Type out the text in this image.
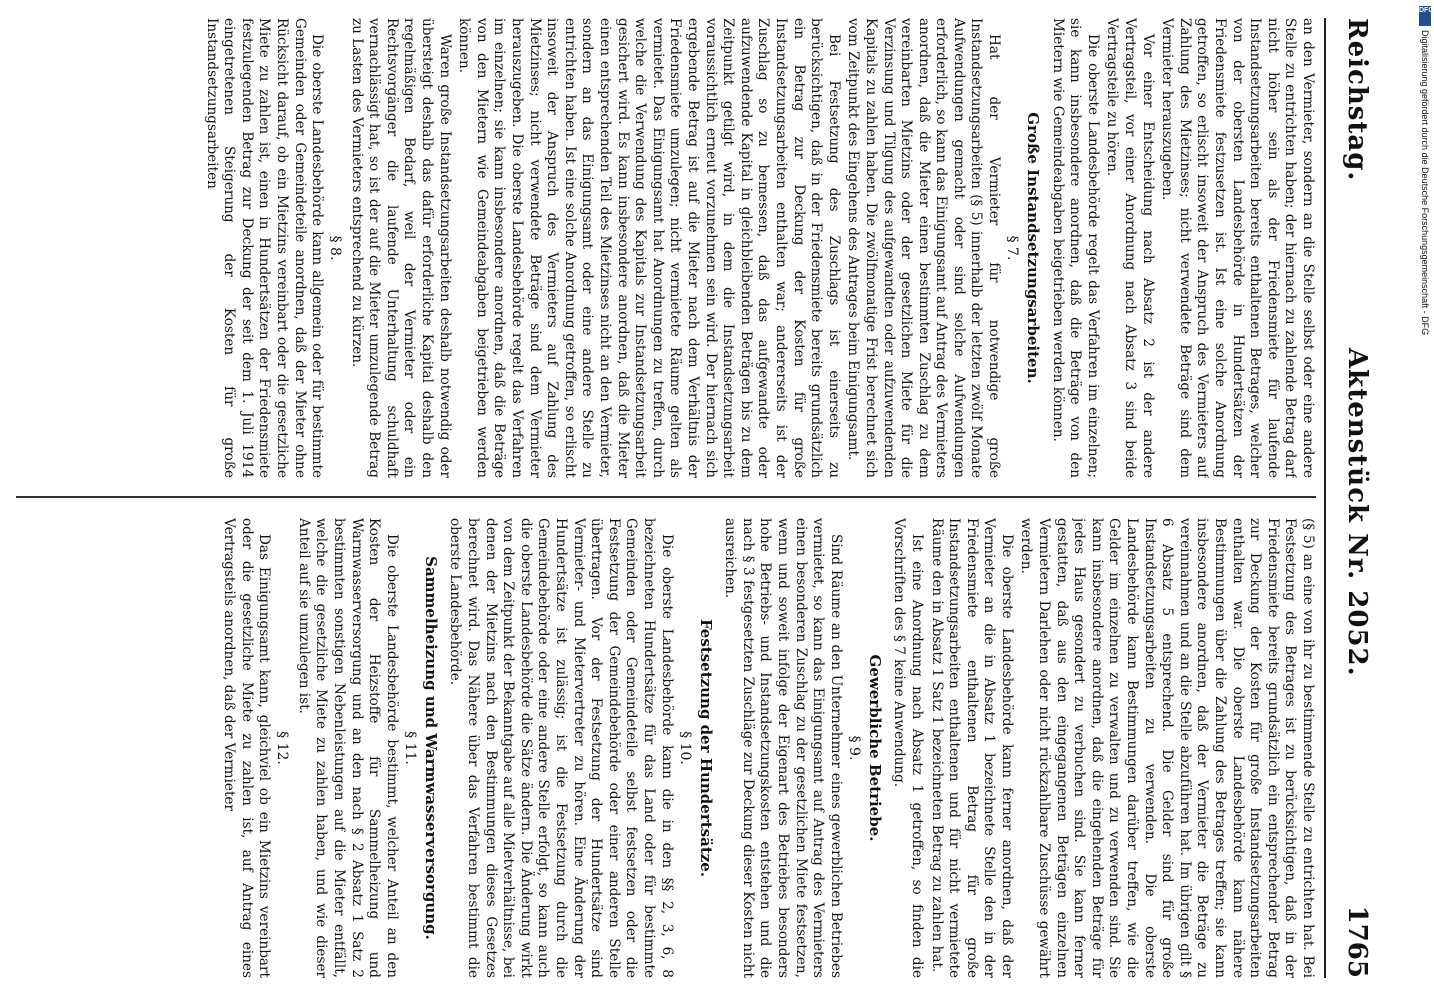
Reichstag.
Aktenstück Nr. 2052.
1765

an den Vermieter, sondern an die Stelle selbst oder eine andere Stelle zu entrichten haben; der hiernach zu zahlende Betrag darf nicht höher sein als der Friedensmiete für laufende Instandsetzungsarbeiten bereits enthaltenen Betrages, welcher von der obersten Landesbehörde in Hundertsätzen der Friedensmiete festzusetzen ist. Ist eine solche Anordnung getroffen, so erlischt insoweit der Anspruch des Vermieters auf Zahlung des Mietzinses; nicht verwendete Beträge sind dem Vermieter herauszugeben.

Vor einer Entscheidung nach Absatz 2 ist der andere Vertragsteil, vor einer Anordnung nach Absatz 3 sind beide Vertragsteile zu hören.

Die oberste Landesbehörde regelt das Verfahren im einzelnen; sie kann insbesondere anordnen, daß die Beträge von den Mietern wie Gemeindeabgaben beigetrieben werden können.

Große Instandsetzungsarbeiten.
§ 7.

Hat der Vermieter für notwendige große Instandsetzungsarbeiten (§ 5) innerhalb der letzten zwölf Monate Aufwendungen gemacht oder sind solche Aufwendungen erforderlich, so kann das Einigungsamt auf Antrag des Vermieters anordnen, daß die Mieter einen bestimmten Zuschlag zu dem vereinbarten Mietzins oder der gesetzlichen Miete für die Verzinsung und Tilgung des aufgewandten oder aufzuwendenden Kapitals zu zahlen haben. Die zwölfmonatige Frist berechnet sich vom Zeitpunkt des Eingehens des Antrages beim Einigungsamt.

Bei Festsetzung des Zuschlags ist einerseits zu berücksichtigen, daß in der Friedensmiete bereits grundsätzlich ein Betrag zur Deckung der Kosten für große Instandsetzungsarbeiten enthalten war; andererseits ist der Zuschlag so zu bemessen, daß das aufgewandte oder aufzuwendende Kapital in gleichbleibenden Beträgen bis zu dem Zeitpunkt getilgt wird, in dem die Instandsetzungsarbeit voraussichtlich erneut vorzunehmen sein wird. Der hiernach sich ergebende Betrag ist auf die Mieter nach dem Verhältnis der Friedensmiete umzulegen; nicht vermietete Räume gelten als vermietet. Das Einigungsamt hat Anordnungen zu treffen, durch welche die Verwendung des Kapitals zur Instandsetzungsarbeit gesichert wird. Es kann insbesondere anordnen, daß die Mieter einen entsprechenden Teil des Mietzinses nicht an den Vermieter, sondern an das Einigungsamt oder eine andere Stelle zu entrichten haben. Ist eine solche Anordnung getroffen, so erlischt insoweit der Anspruch des Vermieters auf Zahlung des Mietzinses; nicht verwendete Beträge sind dem Vermieter herauszugeben. Die oberste Landesbehörde regelt das Verfahren im einzelnen; sie kann insbesondere anordnen, daß die Beträge von den Mietern wie Gemeindeabgaben beigetrieben werden können.

Waren große Instandsetzungsarbeiten deshalb notwendig oder übersteigt deshalb das dafür erforderliche Kapital deshalb den regelmäßigen Bedarf, weil der Vermieter oder ein Rechtsvorgänger die laufende Unterhaltung schuldhaft vernachlässigt hat, so ist der auf die Mieter umzulegende Betrag zu Lasten des Vermieters entsprechend zu kürzen.

§ 8.

Die oberste Landesbehörde kann allgemein oder für bestimmte Gemeinden oder Gemeindeteile anordnen, daß der Mieter ohne Rücksicht darauf, ob ein Mietzins vereinbart oder die gesetzliche Miete zu zahlen ist, einen in Hundertsätzen der Friedensmiete festzulegenden Betrag zur Deckung der seit dem 1. Juli 1914 eingetretenen Steigerung der Kosten für große Instandsetzungsarbeiten

(§ 5) an eine von ihr zu bestimmende Stelle zu entrichten hat. Bei Festsetzung des Betrages ist zu berücksichtigen, daß in der Friedensmiete bereits grundsätzlich ein entsprechender Betrag zur Deckung der Kosten für große Instandsetzungsarbeiten enthalten war. Die oberste Landesbehörde kann nähere Bestimmungen über die Zahlung des Betrages treffen; sie kann insbesondere anordnen, daß der Vermieter die Beträge zu vereinnahmen und an die Stelle abzuführen hat. Im übrigen gilt § 6 Absatz 5 entsprechend. Die Gelder sind für große Instandsetzungsarbeiten zu verwenden. Die oberste Landesbehörde kann Bestimmungen darüber treffen, wie die Gelder im einzelnen zu verwalten und zu verwenden sind. Sie kann insbesondere anordnen, daß die eingehenden Beträge für jedes Haus gesondert zu verbuchen sind. Sie kann ferner gestatten, daß aus den eingegangenen Beträgen einzelnen Vermietern Darlehen oder nicht rückzahlbare Zuschüsse gewährt werden.

Die oberste Landesbehörde kann ferner anordnen, daß der Vermieter an die in Absatz 1 bezeichnete Stelle den in der Friedensmiete enthaltenen Betrag für große Instandsetzungsarbeiten enthaltenen und für nicht vermietete Räume den in Absatz 1 Satz 1 bezeichneten Betrag zu zahlen hat.

Ist eine Anordnung nach Absatz 1 getroffen, so finden die Vorschriften des § 7 keine Anwendung.

Gewerbliche Betriebe.
§ 9.

Sind Räume an den Unternehmer eines gewerblichen Betriebes vermietet, so kann das Einigungsamt auf Antrag des Vermieters einen besonderen Zuschlag zu der gesetzlichen Miete festsetzen, wenn und soweit infolge der Eigenart des Betriebes besonders hohe Betriebs- und Instandsetzungskosten entstehen und die nach § 3 festgesetzten Zuschläge zur Deckung dieser Kosten nicht ausreichen.

Festsetzung der Hundertsätze.
§ 10.

Die oberste Landesbehörde kann die in den §§ 2, 3, 6, 8 bezeichneten Hundertsätze für das Land oder für bestimmte Gemeinden oder Gemeindeteile selbst festsetzen oder die Festsetzung der Gemeindebehörde oder einer anderen Stelle übertragen. Vor der Festsetzung der Hundertsätze sind Vermieter- und Mietervertreter zu hören. Eine Änderung der Hundertsätze ist zulässig; ist die Festsetzung durch die Gemeindebehörde oder eine andere Stelle erfolgt, so kann auch die oberste Landesbehörde die Sätze ändern. Die Änderung wirkt von dem Zeitpunkt der Bekanntgabe auf alle Mietverhältnisse, bei denen der Mietzins nach den Bestimmungen dieses Gesetzes berechnet wird. Das Nähere über das Verfahren bestimmt die oberste Landesbehörde.

Sammelheizung und Warmwasserversorgung.
§ 11.

Die oberste Landesbehörde bestimmt, welcher Anteil an den Kosten der Heizstoffe für Sammelheizung und Warmwasserversorgung und an den nach § 2 Absatz 1 Satz 2 bestimmten sonstigen Nebenleistungen auf die Mieter entfällt, welche die gesetzliche Miete zu zahlen haben, und wie dieser Anteil auf sie umzulegen ist.

§ 12.

Das Einigungsamt kann, gleichviel ob ein Mietzins vereinbart oder die gesetzliche Miete zu zahlen ist, auf Antrag eines Vertragsteils anordnen, daß der Vermieter

DFG
Digitalisierung gefördert durch die Deutsche Forschungsgemeinschaft - DFG
